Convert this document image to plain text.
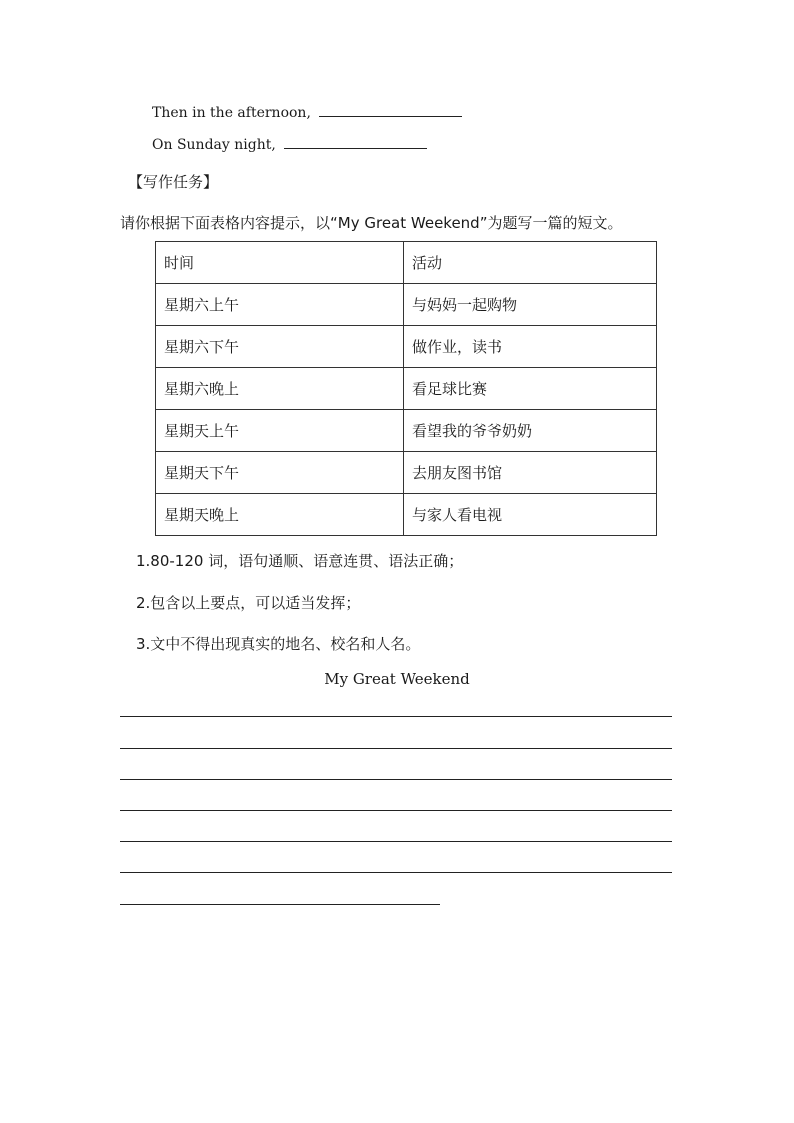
Then in the afternoon,
On Sunday night,
【写作任务】
请你根据下面表格内容提示，以“My Great Weekend”为题写一篇的短文。
时间	活动
星期六上午	与妈妈一起购物
星期六下午	做作业，读书
星期六晚上	看足球比赛
星期天上午	看望我的爷爷奶奶
星期天下午	去朋友图书馆
星期天晚上	与家人看电视
1.80-120 词，语句通顺、语意连贯、语法正确；
2.包含以上要点，可以适当发挥；
3.文中不得出现真实的地名、校名和人名。
My Great Weekend
